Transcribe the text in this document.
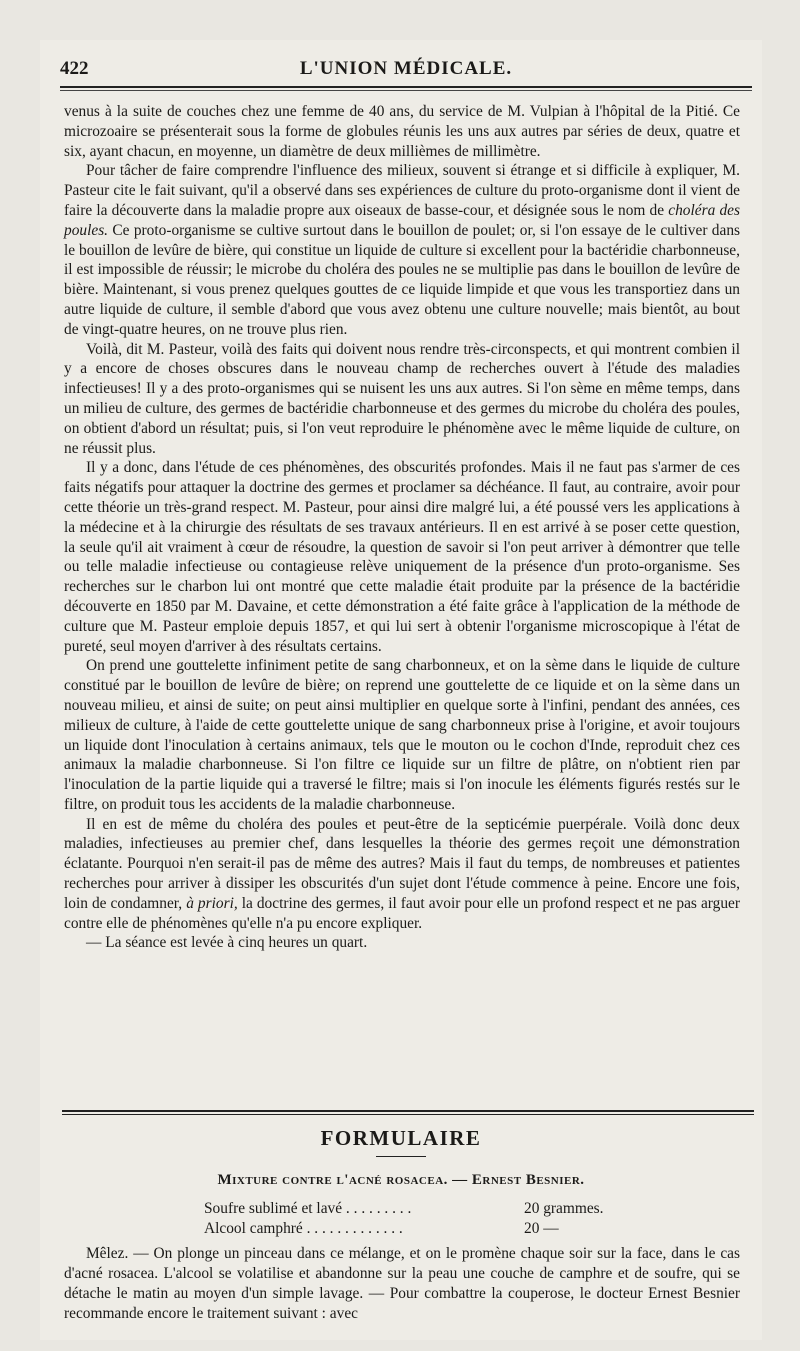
422	L'UNION MÉDICALE.

venus à la suite de couches chez une femme de 40 ans, du service de M. Vulpian à l'hôpital de la Pitié. Ce microzoaire se présenterait sous la forme de globules réunis les uns aux autres par séries de deux, quatre et six, ayant chacun, en moyenne, un diamètre de deux millièmes de millimètre.

Pour tâcher de faire comprendre l'influence des milieux, souvent si étrange et si difficile à expliquer, M. Pasteur cite le fait suivant, qu'il a observé dans ses expériences de culture du proto-organisme dont il vient de faire la découverte dans la maladie propre aux oiseaux de basse-cour, et désignée sous le nom de choléra des poules. Ce proto-organisme se cultive surtout dans le bouillon de poulet; or, si l'on essaye de le cultiver dans le bouillon de levûre de bière, qui constitue un liquide de culture si excellent pour la bactéridie charbonneuse, il est impossible de réussir; le microbe du choléra des poules ne se multiplie pas dans le bouillon de levûre de bière. Maintenant, si vous prenez quelques gouttes de ce liquide limpide et que vous les transportiez dans un autre liquide de culture, il semble d'abord que vous avez obtenu une culture nouvelle; mais bientôt, au bout de vingt-quatre heures, on ne trouve plus rien.

Voilà, dit M. Pasteur, voilà des faits qui doivent nous rendre très-circonspects, et qui montrent combien il y a encore de choses obscures dans le nouveau champ de recherches ouvert à l'étude des maladies infectieuses! Il y a des proto-organismes qui se nuisent les uns aux autres. Si l'on sème en même temps, dans un milieu de culture, des germes de bactéridie charbonneuse et des germes du microbe du choléra des poules, on obtient d'abord un résultat; puis, si l'on veut reproduire le phénomène avec le même liquide de culture, on ne réussit plus.

Il y a donc, dans l'étude de ces phénomènes, des obscurités profondes. Mais il ne faut pas s'armer de ces faits négatifs pour attaquer la doctrine des germes et proclamer sa déchéance. Il faut, au contraire, avoir pour cette théorie un très-grand respect. M. Pasteur, pour ainsi dire malgré lui, a été poussé vers les applications à la médecine et à la chirurgie des résultats de ses travaux antérieurs. Il en est arrivé à se poser cette question, la seule qu'il ait vraiment à cœur de résoudre, la question de savoir si l'on peut arriver à démontrer que telle ou telle maladie infectieuse ou contagieuse relève uniquement de la présence d'un proto-organisme. Ses recherches sur le charbon lui ont montré que cette maladie était produite par la présence de la bactéridie découverte en 1850 par M. Davaine, et cette démonstration a été faite grâce à l'application de la méthode de culture que M. Pasteur emploie depuis 1857, et qui lui sert à obtenir l'organisme microscopique à l'état de pureté, seul moyen d'arriver à des résultats certains.

On prend une gouttelette infiniment petite de sang charbonneux, et on la sème dans le liquide de culture constitué par le bouillon de levûre de bière; on reprend une gouttelette de ce liquide et on la sème dans un nouveau milieu, et ainsi de suite; on peut ainsi multiplier en quelque sorte à l'infini, pendant des années, ces milieux de culture, à l'aide de cette gouttelette unique de sang charbonneux prise à l'origine, et avoir toujours un liquide dont l'inoculation à certains animaux, tels que le mouton ou le cochon d'Inde, reproduit chez ces animaux la maladie charbonneuse. Si l'on filtre ce liquide sur un filtre de plâtre, on n'obtient rien par l'inoculation de la partie liquide qui a traversé le filtre; mais si l'on inocule les éléments figurés restés sur le filtre, on produit tous les accidents de la maladie charbonneuse.

Il en est de même du choléra des poules et peut-être de la septicémie puerpérale. Voilà donc deux maladies, infectieuses au premier chef, dans lesquelles la théorie des germes reçoit une démonstration éclatante. Pourquoi n'en serait-il pas de même des autres? Mais il faut du temps, de nombreuses et patientes recherches pour arriver à dissiper les obscurités d'un sujet dont l'étude commence à peine. Encore une fois, loin de condamner, à priori, la doctrine des germes, il faut avoir pour elle un profond respect et ne pas arguer contre elle de phénomènes qu'elle n'a pu encore expliquer.

— La séance est levée à cinq heures un quart.

FORMULAIRE
Mixture contre l'acné rosacea. — Ernest Besnier.
Soufre sublimé et lavé . . . . . . . . .	20 grammes.
Alcool camphré . . . . . . . . . . . . .	20 —

Mêlez. — On plonge un pinceau dans ce mélange, et on le promène chaque soir sur la face, dans le cas d'acné rosacea. L'alcool se volatilise et abandonne sur la peau une couche de camphre et de soufre, qui se détache le matin au moyen d'un simple lavage. — Pour combattre la couperose, le docteur Ernest Besnier recommande encore le traitement suivant : avec
